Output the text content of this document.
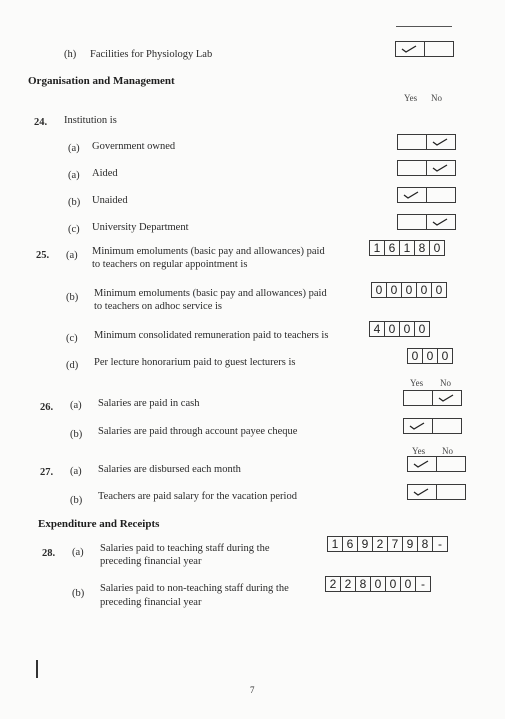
(h) Facilities for Physiology Lab
Organisation and Management
Yes No
24. Institution is
(a) Government owned
(a) Aided
(b) Unaided
(c) University Department
25. (a) Minimum emoluments (basic pay and allowances) paid
to teachers on regular appointment is
1 6 1 8 0
(b) Minimum emoluments (basic pay and allowances) paid
to teachers on adhoc service is
0 0 0 0 0
(c) Minimum consolidated remuneration paid to teachers is	4 0 0 0
(d) Per lecture honorarium paid to guest lecturers is	0 0 0
Yes No
26. (a) Salaries are paid in cash
(b) Salaries are paid through account payee cheque
Yes No
27. (a) Salaries are disbursed each month
(b) Teachers are paid salary for the vacation period
Expenditure and Receipts
28. (a) Salaries paid to teaching staff during the
preceding financial year
1 6 9 2 7 9 8 -
(b) Salaries paid to non-teaching staff during the
preceding financial year
2 2 8 0 0 0 -
7
